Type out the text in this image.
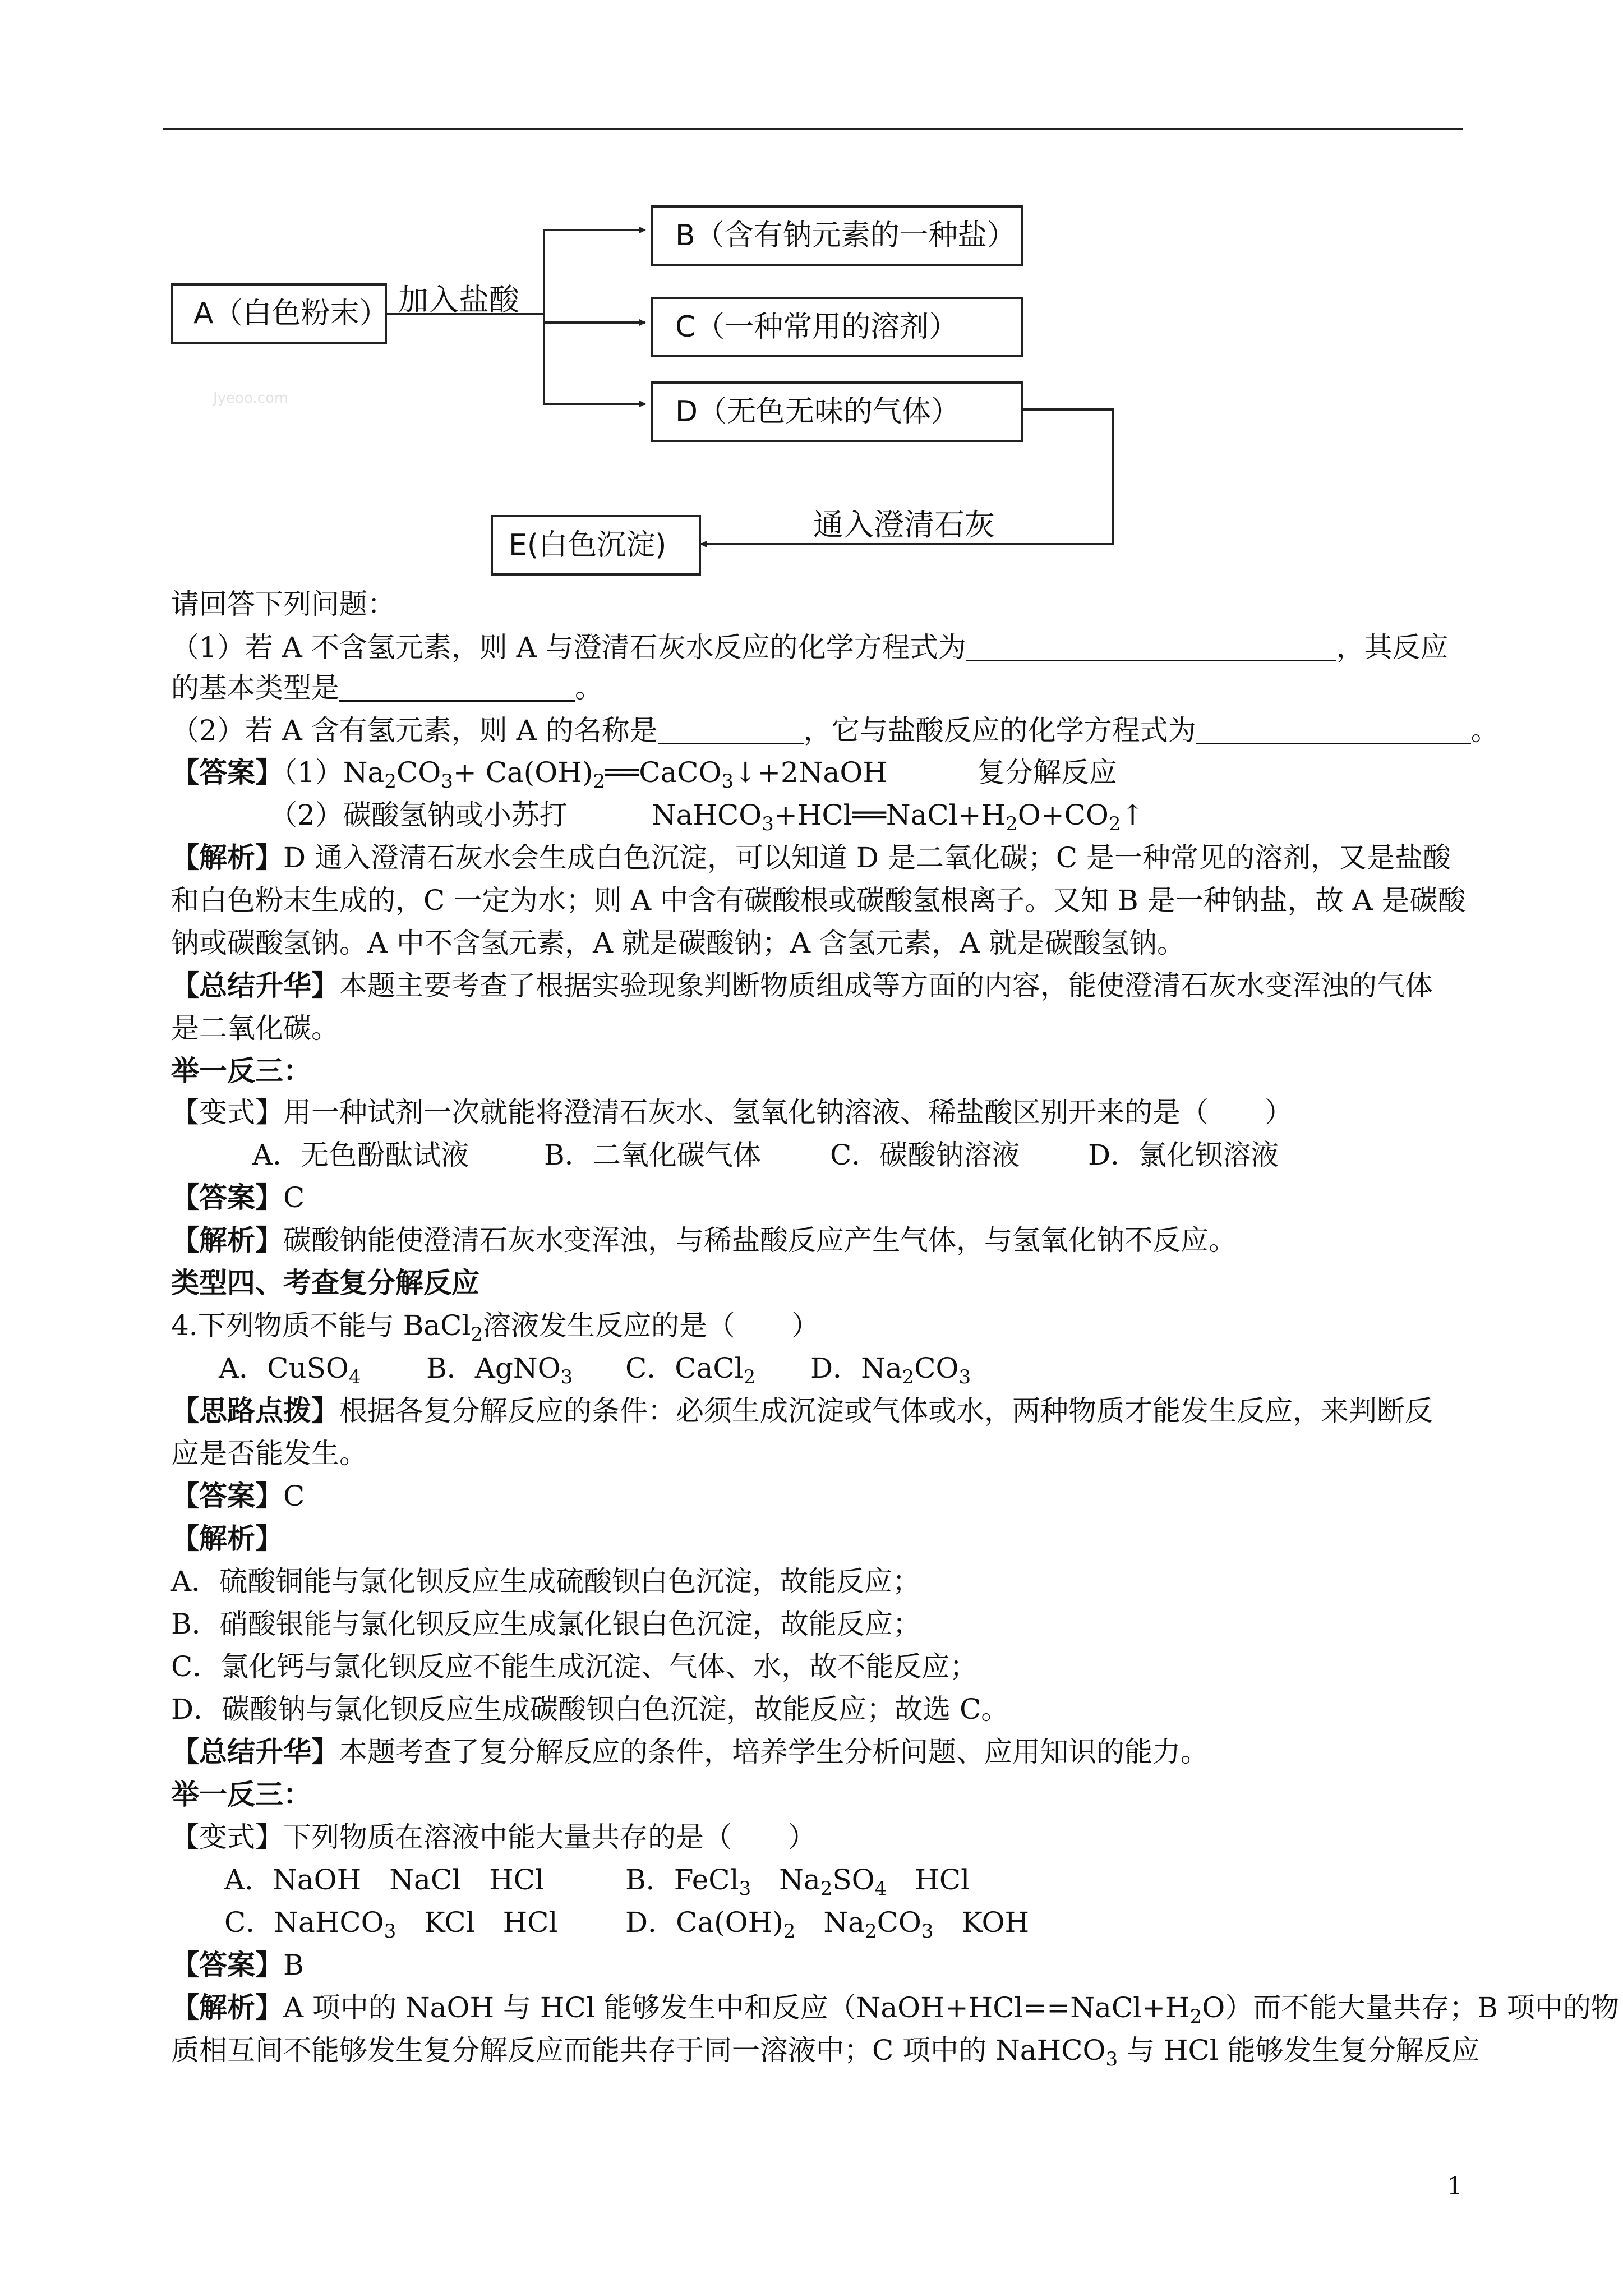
A（白色粉末）
B（含有钠元素的一种盐）
C（一种常用的溶剂）
D（无色无味的气体）
E(白色沉淀)
加入盐酸
通入澄清石灰
Jyeoo.com
请回答下列问题：
（1）若 A 不含氢元素，则 A 与澄清石灰水反应的化学方程式为	，其反应
的基本类型是	。
（2）若 A 含有氢元素，则 A 的名称是	，它与盐酸反应的化学方程式为	。
【答案】$(1)Na_2CO_3+$ $Ca(OH)_2══CaCO_3↓+2NaOH$	复分解反应
（2）碳酸氢钠或小苏打	$NaHCO_3+HCl══NaCl+H_2O+CO_2↑$
【解析】D 通入澄清石灰水会生成白色沉淀，可以知道 D 是二氧化碳；C 是一种常见的溶剂，又是盐酸
和白色粉末生成的，C 一定为水；则 A 中含有碳酸根或碳酸氢根离子。又知 B 是一种钠盐，故 A 是碳酸
钠或碳酸氢钠。A 中不含氢元素，A 就是碳酸钠；A 含氢元素，A 就是碳酸氢钠。
【总结升华】本题主要考查了根据实验现象判断物质组成等方面的内容，能使澄清石灰水变浑浊的气体
是二氧化碳。
举一反三：
【变式】用一种试剂一次就能将澄清石灰水、氢氧化钠溶液、稀盐酸区别开来的是（　　）
A．无色酚酞试液	B．二氧化碳气体 C．碳酸钠溶液 D．氯化钡溶液
【答案】C
【解析】碳酸钠能使澄清石灰水变浑浊，与稀盐酸反应产生气体，与氢氧化钠不反应。
类型四、考查复分解反应
4.下列物质不能与 BaCl$_2$溶液发生反应的是（　　）
A．CuSO$_4$ B．AgNO$_3$ C．CaCl$_2$ D．$Na_2CO_3$
【思路点拨】根据各复分解反应的条件：必须生成沉淀或气体或水，两种物质才能发生反应，来判断反
应是否能发生。
【答案】C
【解析】
A．硫酸铜能与氯化钡反应生成硫酸钡白色沉淀，故能反应；
B．硝酸银能与氯化钡反应生成氯化银白色沉淀，故能反应；
C．氯化钙与氯化钡反应不能生成沉淀、气体、水，故不能反应；
D．碳酸钠与氯化钡反应生成碳酸钡白色沉淀，故能反应；故选 C。
【总结升华】本题考查了复分解反应的条件，培养学生分析问题、应用知识的能力。
举一反三：
【变式】下列物质在溶液中能大量共存的是（　　）
A．NaOH　NaCl　HCl	B．FeCl$_3$　$Na_2SO_4$　HCl
C．NaHCO$_3$　KCl　HCl D．$Ca(OH)_2$　$Na_2CO_3$　KOH
【答案】B
【解析】A 项中的 NaOH 与 HCl 能够发生中和反应$(NaOH+HCl==NaCl+H_2O)$而不能大量共存；B 项中的物
质相互间不能够发生复分解反应而能共存于同一溶液中；C 项中的 NaHCO$_3$ 与 HCl 能够发生复分解反应
1
